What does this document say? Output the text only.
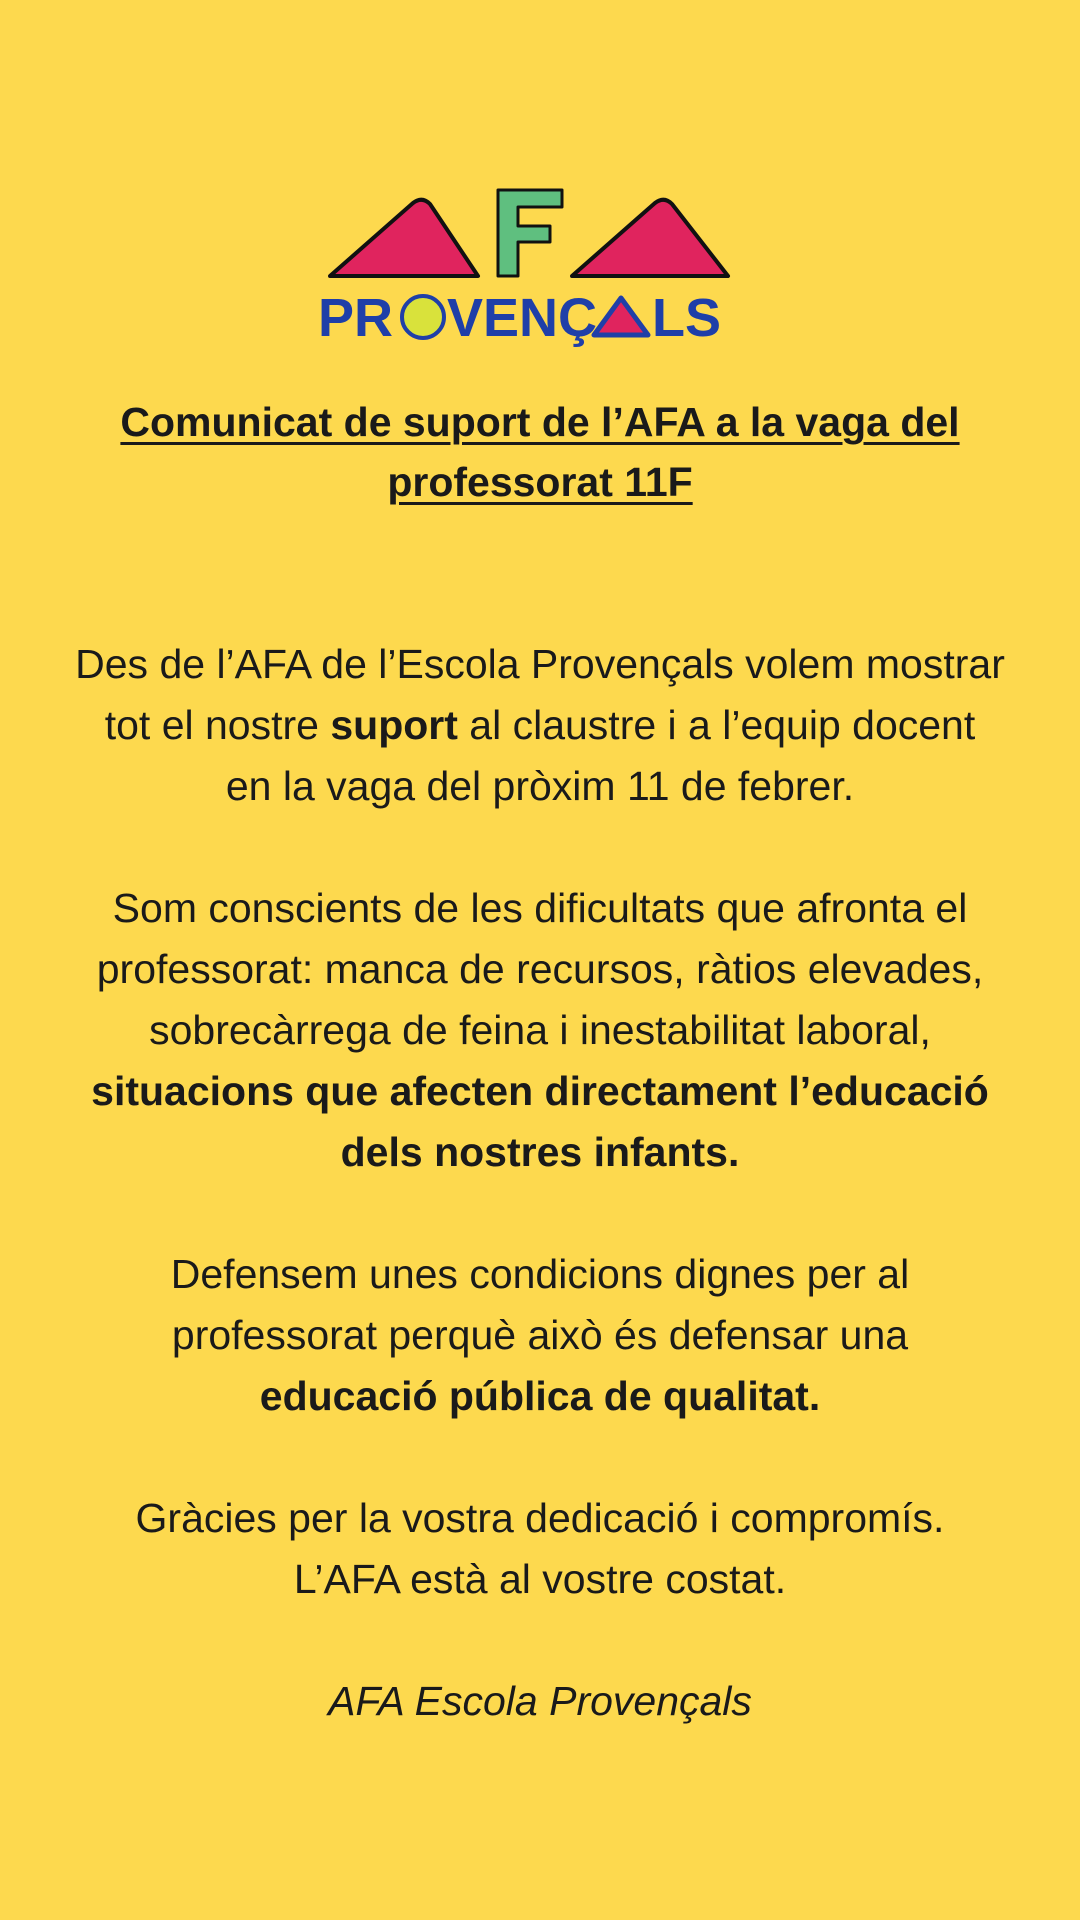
PR VENÇ LS
Comunicat de suport de l’AFA a la vaga del
professorat 11F

Des de l’AFA de l’Escola Provençals volem mostrar
tot el nostre suport al claustre i a l’equip docent
en la vaga del pròxim 11 de febrer.

Som conscients de les dificultats que afronta el
professorat: manca de recursos, ràtios elevades,
sobrecàrrega de feina i inestabilitat laboral,
situacions que afecten directament l’educació
dels nostres infants.

Defensem unes condicions dignes per al
professorat perquè això és defensar una
educació pública de qualitat.

Gràcies per la vostra dedicació i compromís.
L’AFA està al vostre costat.

AFA Escola Provençals
